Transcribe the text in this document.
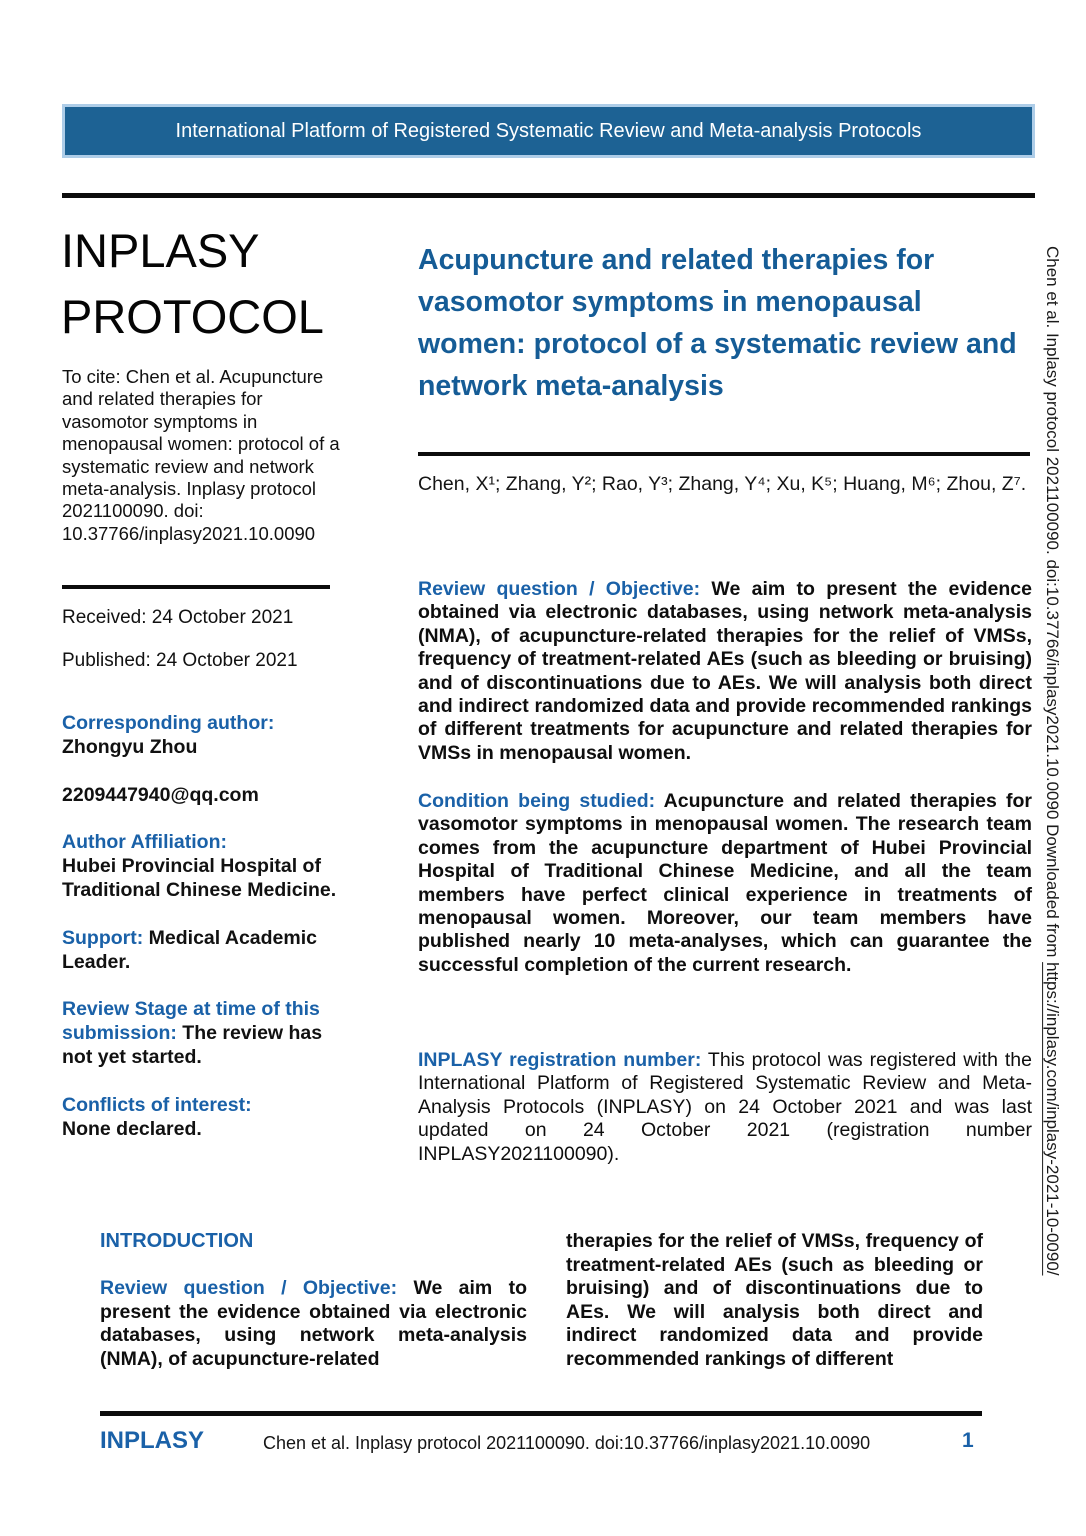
International Platform of Registered Systematic Review and Meta-analysis Protocols
INPLASY
PROTOCOL

To cite: Chen et al. Acupuncture and related therapies for vasomotor symptoms in menopausal women: protocol of a systematic review and network meta-analysis. Inplasy protocol 2021100090. doi: 10.37766/inplasy2021.10.0090

Received: 24 October 2021

Published: 24 October 2021

Corresponding author:
Zhongyu Zhou
2209447940@qq.com
Author Affiliation:
Hubei Provincial Hospital of Traditional Chinese Medicine.
Support: Medical Academic Leader.
Review Stage at time of this submission: The review has not yet started.
Conflicts of interest:
None declared.
Acupuncture and related therapies for vasomotor symptoms in menopausal women: protocol of a systematic review and network meta-analysis

Chen, X¹; Zhang, Y²; Rao, Y³; Zhang, Y⁴; Xu, K⁵; Huang, M⁶; Zhou, Z⁷.

Review question / Objective: We aim to present the evidence obtained via electronic databases, using network meta-analysis (NMA), of acupuncture-related therapies for the relief of VMSs, frequency of treatment-related AEs (such as bleeding or bruising) and of discontinuations due to AEs. We will analysis both direct and indirect randomized data and provide recommended rankings of different treatments for acupuncture and related therapies for VMSs in menopausal women.

Condition being studied: Acupuncture and related therapies for vasomotor symptoms in menopausal women. The research team comes from the acupuncture department of Hubei Provincial Hospital of Traditional Chinese Medicine, and all the team members have perfect clinical experience in treatments of menopausal women. Moreover, our team members have published nearly 10 meta-analyses, which can guarantee the successful completion of the current research.

INPLASY registration number: This protocol was registered with the International Platform of Registered Systematic Review and Meta-Analysis Protocols (INPLASY) on 24 October 2021 and was last updated on 24 October 2021 (registration number INPLASY2021100090).

INTRODUCTION

Review question / Objective: We aim to present the evidence obtained via electronic databases, using network meta-analysis (NMA), of acupuncture-related

therapies for the relief of VMSs, frequency of treatment-related AEs (such as bleeding or bruising) and of discontinuations due to AEs. We will analysis both direct and indirect randomized data and provide recommended rankings of different
INPLASY	Chen et al. Inplasy protocol 2021100090. doi:10.37766/inplasy2021.10.0090	1
Chen et al. Inplasy protocol 2021100090. doi:10.37766/inplasy2021.10.0090 Downloaded from https://inplasy.com/inplasy-2021-10-0090/
